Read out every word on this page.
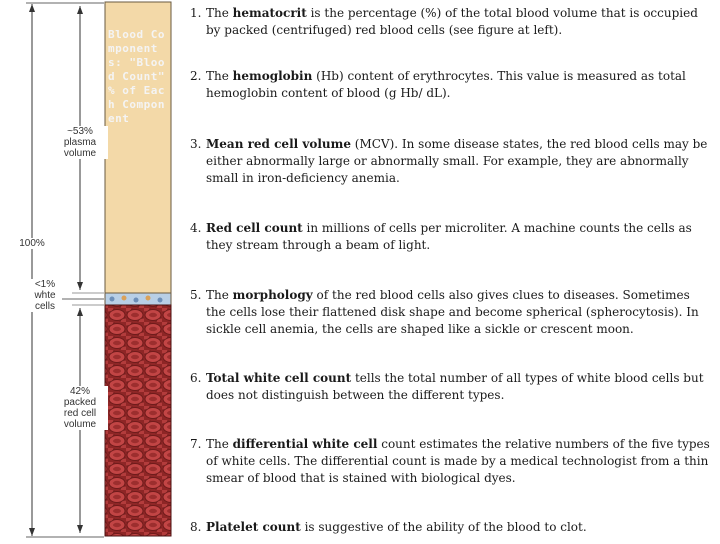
~53%
plasma
volume
100%
<1%
whte
cells
42%
packed
red cell
volume
Blood Components: "Blood Count" % of Each Component
1. The hematocrit is the percentage (%) of the total blood volume that is occupied by packed (centrifuged) red blood cells (see figure at left).
2. The hemoglobin (Hb) content of erythrocytes. This value is measured as total hemoglobin content of blood (g Hb/ dL).
3. Mean red cell volume (MCV). In some disease states, the red blood cells may be either abnormally large or abnormally small. For example, they are abnormally small in iron-deficiency anemia.
4. Red cell count in millions of cells per microliter. A machine counts the cells as they stream through a beam of light.
5. The morphology of the red blood cells also gives clues to diseases. Sometimes the cells lose their flattened disk shape and become spherical (spherocytosis). In sickle cell anemia, the cells are shaped like a sickle or crescent moon.
6. Total white cell count tells the total number of all types of white blood cells but does not distinguish between the different types.
7. The differential white cell count estimates the relative numbers of the five types of white cells. The differential count is made by a medical technologist from a thin smear of blood that is stained with biological dyes.
8. Platelet count is suggestive of the ability of the blood to clot.
